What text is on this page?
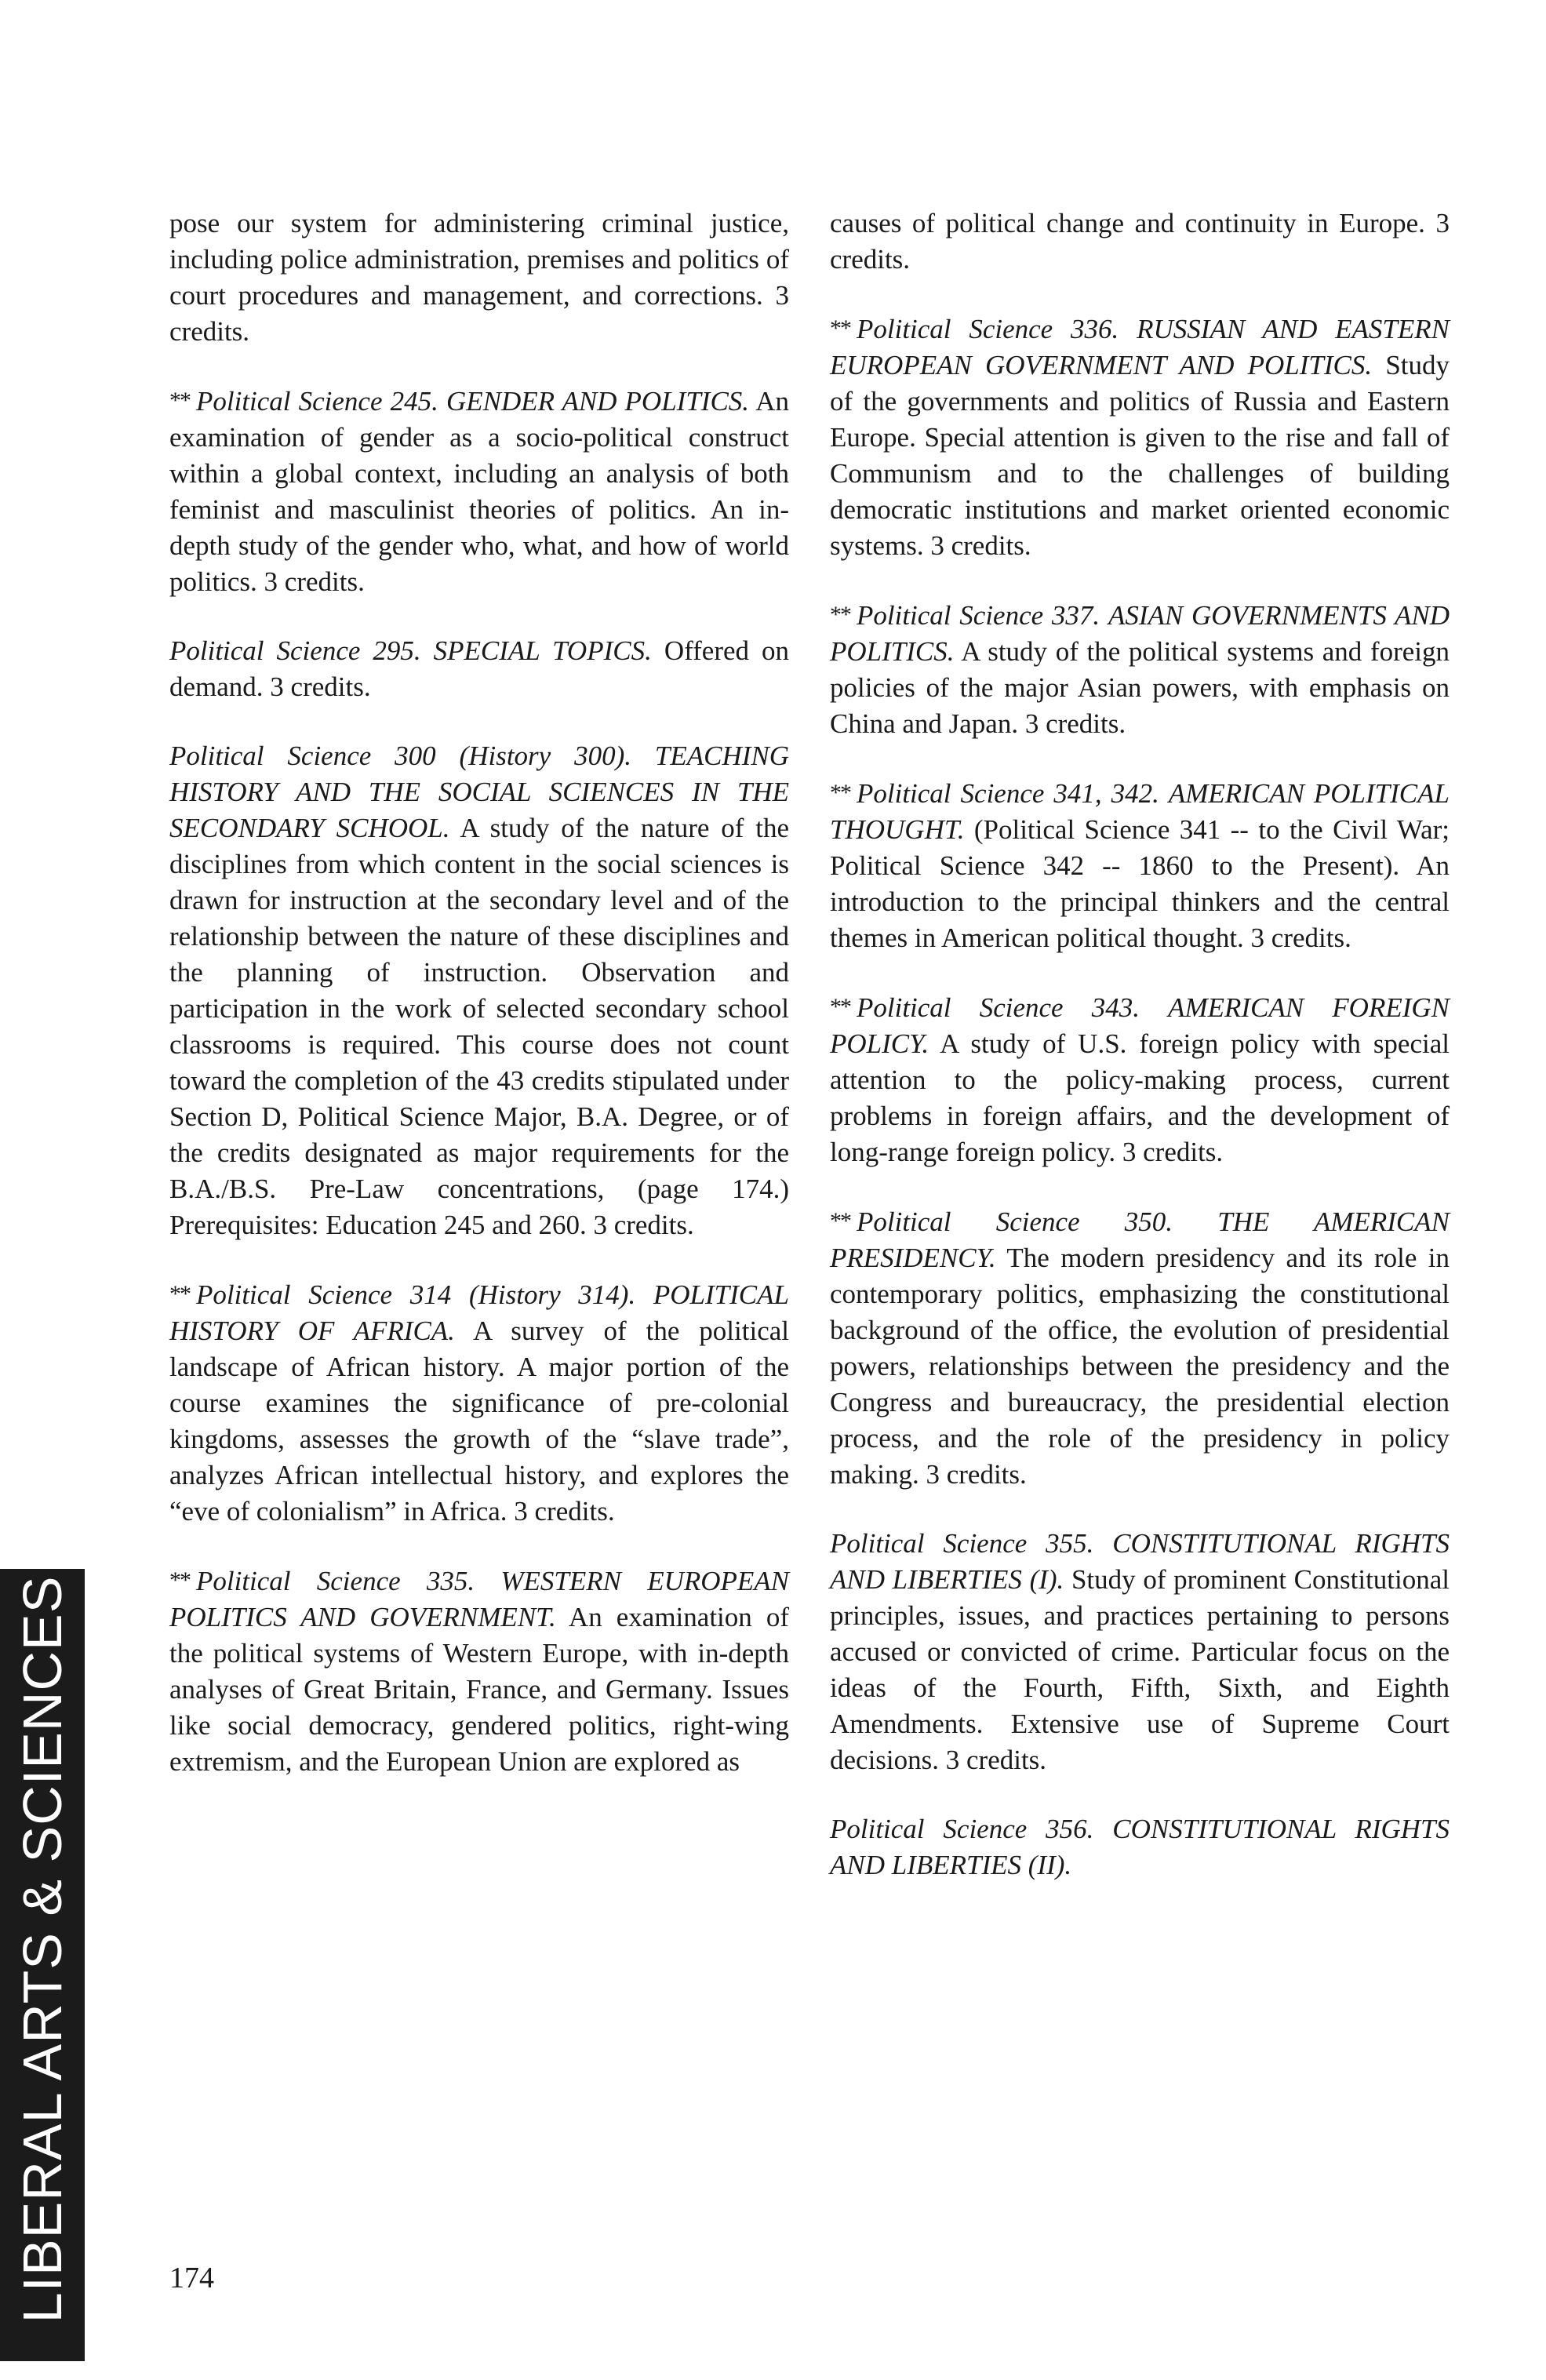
pose our system for administering criminal justice, including police administration, premises and politics of court procedures and management, and corrections. 3 credits.

** Political Science 245. GENDER AND POLITICS. An examination of gender as a socio-political construct within a global context, including an analysis of both feminist and masculinist theories of politics. An in-depth study of the gender who, what, and how of world politics. 3 credits.

Political Science 295. SPECIAL TOPICS. Offered on demand. 3 credits.

Political Science 300 (History 300). TEACHING HISTORY AND THE SOCIAL SCIENCES IN THE SECONDARY SCHOOL. A study of the nature of the disciplines from which content in the social sciences is drawn for instruction at the secondary level and of the relationship between the nature of these disciplines and the planning of instruction. Observation and participation in the work of selected secondary school classrooms is required. This course does not count toward the completion of the 43 credits stipulated under Section D, Political Science Major, B.A. Degree, or of the credits designated as major requirements for the B.A./B.S. Pre-Law concentrations, (page 174.) Prerequisites: Education 245 and 260. 3 credits.

** Political Science 314 (History 314). POLITICAL HISTORY OF AFRICA. A survey of the political landscape of African history. A major portion of the course examines the significance of pre-colonial kingdoms, assesses the growth of the “slave trade”, analyzes African intellectual history, and explores the “eve of colonialism” in Africa. 3 credits.

** Political Science 335. WESTERN EUROPEAN POLITICS AND GOVERNMENT. An examination of the political systems of Western Europe, with in-depth analyses of Great Britain, France, and Germany. Issues like social democracy, gendered politics, right-wing extremism, and the European Union are explored as

causes of political change and continuity in Europe. 3 credits.

** Political Science 336. RUSSIAN AND EASTERN EUROPEAN GOVERNMENT AND POLITICS. Study of the governments and politics of Russia and Eastern Europe. Special attention is given to the rise and fall of Communism and to the challenges of building democratic institutions and market oriented economic systems. 3 credits.

** Political Science 337. ASIAN GOVERNMENTS AND POLITICS. A study of the political systems and foreign policies of the major Asian powers, with emphasis on China and Japan. 3 credits.

** Political Science 341, 342. AMERICAN POLITICAL THOUGHT. (Political Science 341 -- to the Civil War; Political Science 342 -- 1860 to the Present). An introduction to the principal thinkers and the central themes in American political thought. 3 credits.

** Political Science 343. AMERICAN FOREIGN POLICY. A study of U.S. foreign policy with special attention to the policy-making process, current problems in foreign affairs, and the development of long-range foreign policy. 3 credits.

** Political Science 350. THE AMERICAN PRESIDENCY. The modern presidency and its role in contemporary politics, emphasizing the constitutional background of the office, the evolution of presidential powers, relationships between the presidency and the Congress and bureaucracy, the presidential election process, and the role of the presidency in policy making. 3 credits.

Political Science 355. CONSTITUTIONAL RIGHTS AND LIBERTIES (I). Study of prominent Constitutional principles, issues, and practices pertaining to persons accused or convicted of crime. Particular focus on the ideas of the Fourth, Fifth, Sixth, and Eighth Amendments. Extensive use of Supreme Court decisions. 3 credits.

Political Science 356. CONSTITUTIONAL RIGHTS AND LIBERTIES (II).

LIBERAL ARTS & SCIENCES	174
